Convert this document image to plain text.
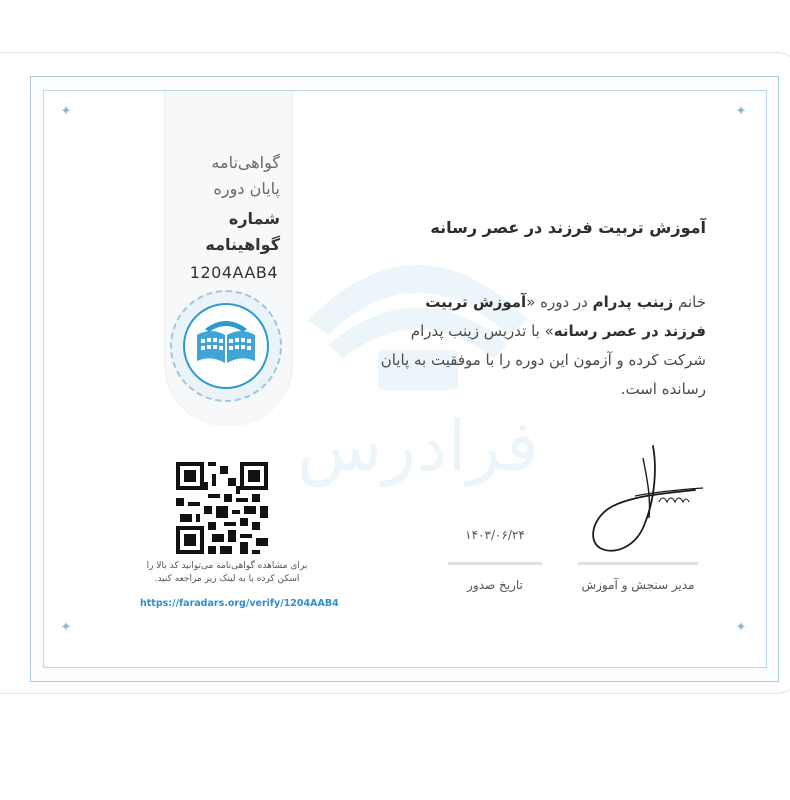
✦	✦
✦	✦
فرادرس
گواهی‌نامه
پایان دوره
شماره
گواهینامه
1204AAB4
آموزش تربیت فرزند در عصر رسانه
خانم زینب پدرام در دوره «آموزش تربیت فرزند در عصر رسانه» با تدریس زینب پدرام شرکت کرده و آزمون این دوره را با موفقیت به پایان رسانده است.
برای مشاهده گواهی‌نامه می‌توانید کد بالا را اسکن کرده یا به لینک زیر مراجعه کنید.
https://faradars.org/verify/1204AAB4
۱۴۰۳/۰۶/۲۴
تاریخ صدور	مدیر سنجش و آموزش
